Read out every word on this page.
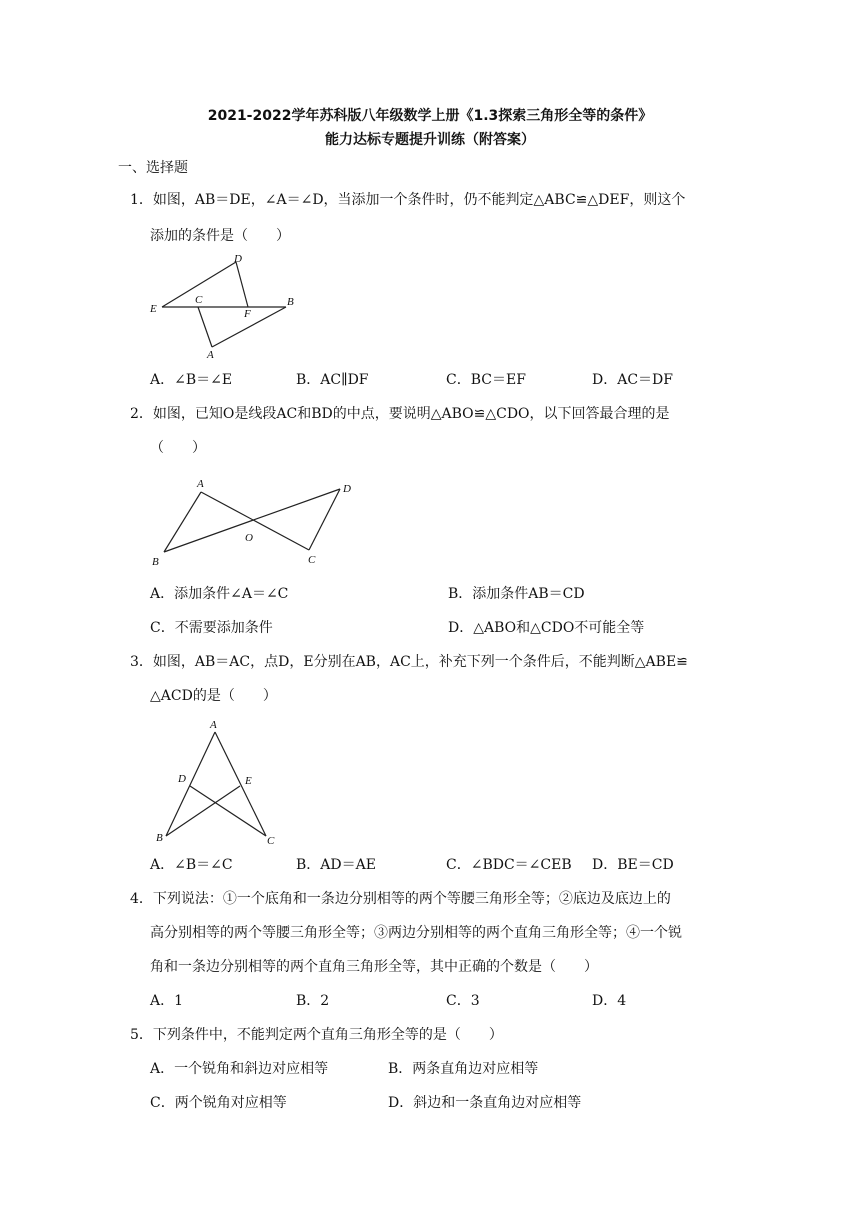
2021-2022学年苏科版八年级数学上册《1.3探索三角形全等的条件》
能力达标专题提升训练（附答案）
一、选择题
1．如图，AB＝DE，∠A＝∠D，当添加一个条件时，仍不能判定△ABC≌△DEF，则这个
添加的条件是（　　）
D
E
C
F
B
A
A．∠B＝∠E	B．AC∥DF	C．BC＝EF	D．AC＝DF
2．如图，已知O是线段AC和BD的中点，要说明△ABO≌△CDO，以下回答最合理的是
（　　）
A	D
B
O
C
A．添加条件∠A＝∠C	B．添加条件AB＝CD
C．不需要添加条件	D．△ABO和△CDO不可能全等
3．如图，AB＝AC，点D，E分别在AB，AC上，补充下列一个条件后，不能判断△ABE≌
△ACD的是（　　）
A
D	E
B	C
A．∠B＝∠C	B．AD＝AE	C．∠BDC＝∠CEB D．BE＝CD
4．下列说法：①一个底角和一条边分别相等的两个等腰三角形全等；②底边及底边上的
高分别相等的两个等腰三角形全等；③两边分别相等的两个直角三角形全等；④一个锐
角和一条边分别相等的两个直角三角形全等，其中正确的个数是（　　）
A．1	B．2	C．3	D．4
5．下列条件中，不能判定两个直角三角形全等的是（　　）
A．一个锐角和斜边对应相等	B．两条直角边对应相等
C．两个锐角对应相等	D．斜边和一条直角边对应相等
